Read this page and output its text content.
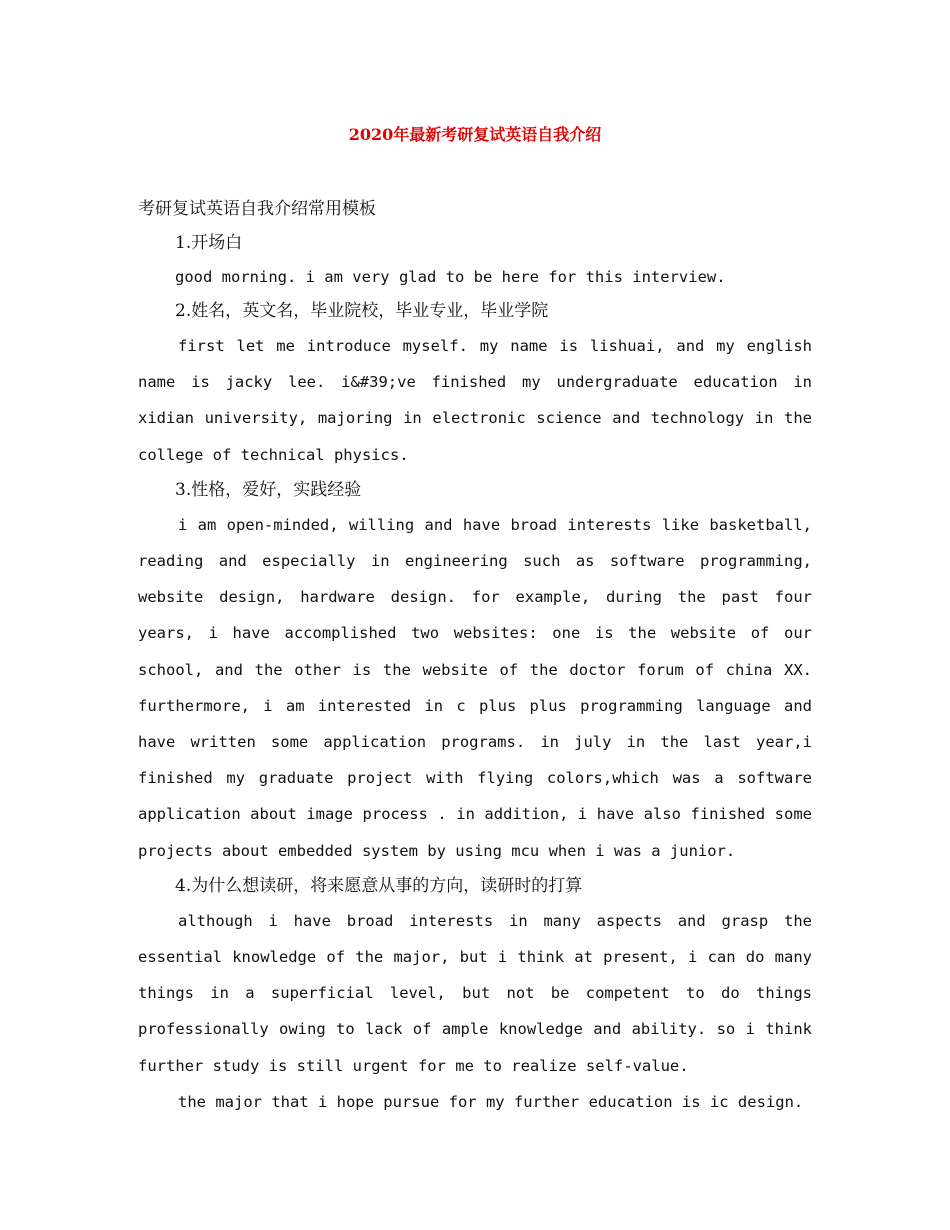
2020年最新考研复试英语自我介绍

考研复试英语自我介绍常用模板

1.开场白

good morning. i am very glad to be here for this interview.

2.姓名，英文名，毕业院校，毕业专业，毕业学院

first let me introduce myself. my name is lishuai, and my english name is jacky lee. i&#39;ve finished my undergraduate education in xidian university, majoring in electronic science and technology in the college of technical physics.

3.性格，爱好，实践经验

i am open-minded, willing and have broad interests like basketball, reading and especially in engineering such as software programming, website design, hardware design. for example, during the past four years, i have accomplished two websites: one is the website of our school, and the other is the website of the doctor forum of china XX. furthermore, i am interested in c plus plus programming language and have written some application programs. in july in the last year,i finished my graduate project with flying colors,which was a software application about image process . in addition, i have also finished some projects about embedded system by using mcu when i was a junior.

4.为什么想读研，将来愿意从事的方向，读研时的打算

although i have broad interests in many aspects and grasp the essential knowledge of the major, but i think at present, i can do many things in a superficial level, but not be competent to do things professionally owing to lack of ample knowledge and ability. so i think further study is still urgent for me to realize self-value.

the major that i hope pursue for my further education is ic design.
